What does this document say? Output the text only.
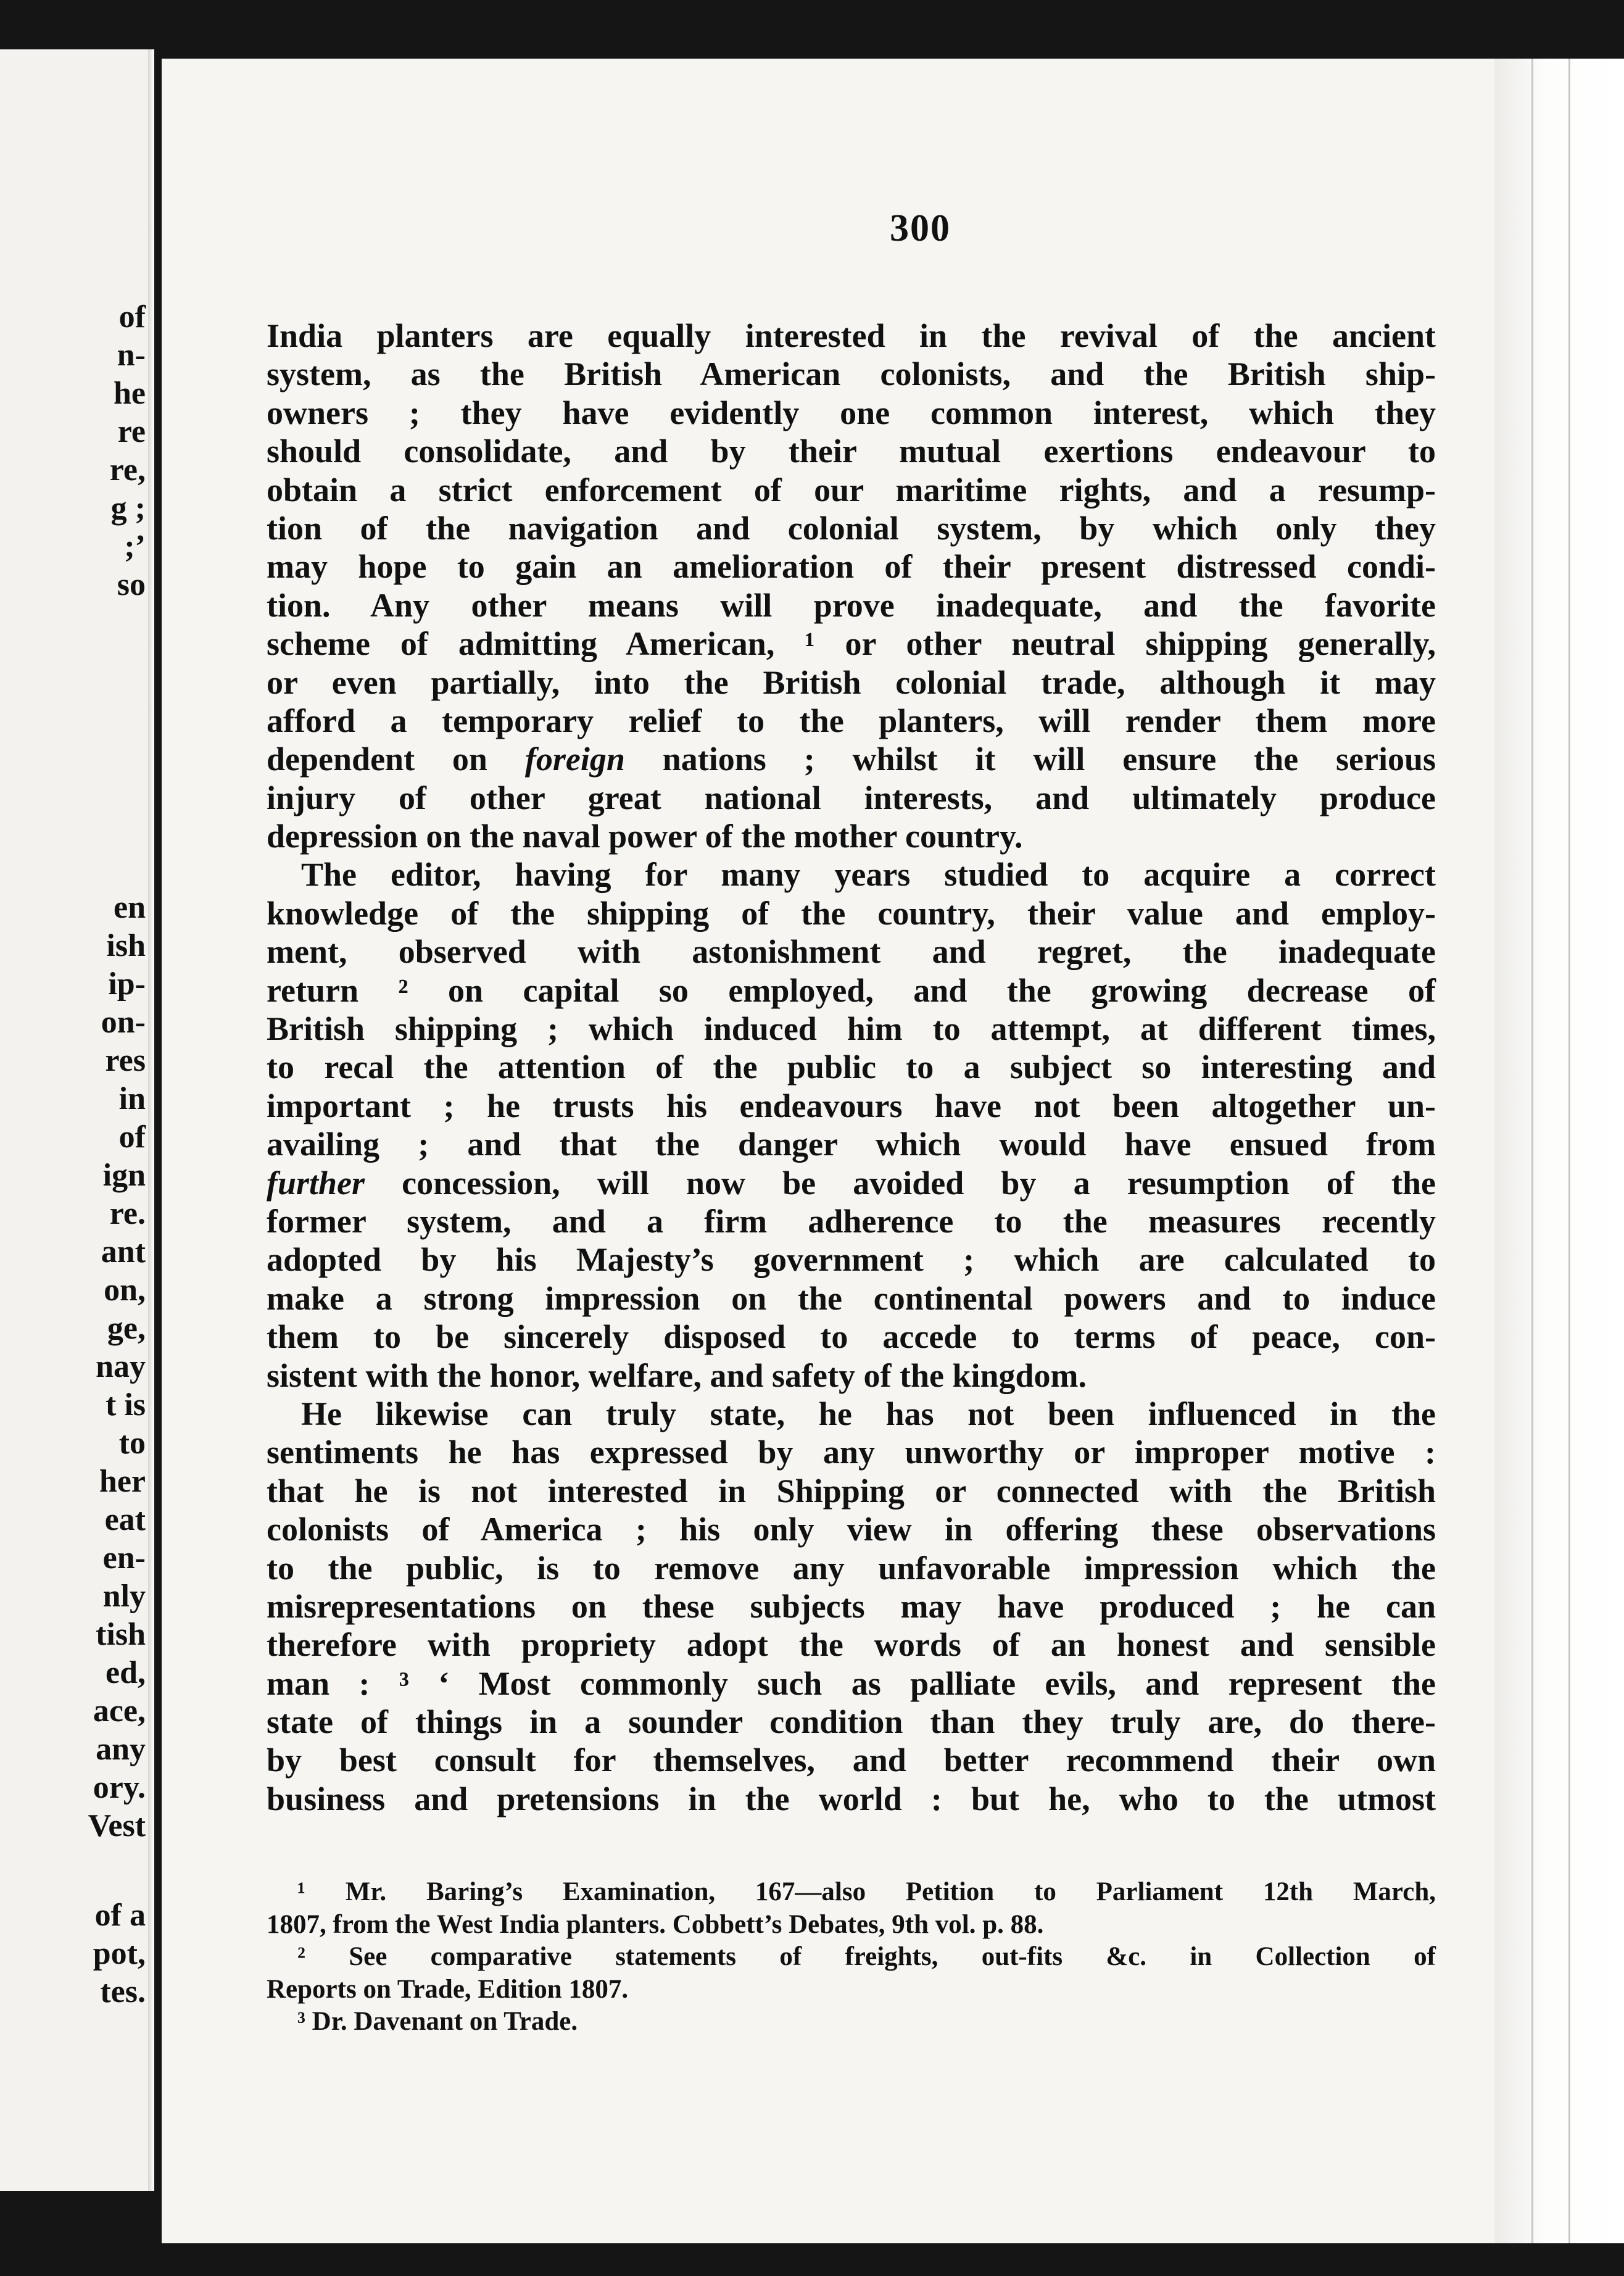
of
n-
he
re
re,
g ;
;’
so
en
ish
ip-
on-
res
in
of
ign
re.
ant
on,
ge,
nay
t is
to
her
eat
en-
nly
tish
ed,
ace,
any
ory.
Vest
of a
pot,
tes.
300
India planters are equally interested in the revival of the ancient
system, as the British American colonists, and the British ship-
owners ; they have evidently one common interest, which they
should consolidate, and by their mutual exertions endeavour to
obtain a strict enforcement of our maritime rights, and a resump-
tion of the navigation and colonial system, by which only they
may hope to gain an amelioration of their present distressed condi-
tion. Any other means will prove inadequate, and the favorite
scheme of admitting American, ¹ or other neutral shipping generally,
or even partially, into the British colonial trade, although it may
afford a temporary relief to the planters, will render them more
dependent on foreign nations ; whilst it will ensure the serious
injury of other great national interests, and ultimately produce
depression on the naval power of the mother country.
The editor, having for many years studied to acquire a correct
knowledge of the shipping of the country, their value and employ-
ment, observed with astonishment and regret, the inadequate
return ² on capital so employed, and the growing decrease of
British shipping ; which induced him to attempt, at different times,
to recal the attention of the public to a subject so interesting and
important ; he trusts his endeavours have not been altogether un-
availing ; and that the danger which would have ensued from
further concession, will now be avoided by a resumption of the
former system, and a firm adherence to the measures recently
adopted by his Majesty’s government ; which are calculated to
make a strong impression on the continental powers and to induce
them to be sincerely disposed to accede to terms of peace, con-
sistent with the honor, welfare, and safety of the kingdom.
He likewise can truly state, he has not been influenced in the
sentiments he has expressed by any unworthy or improper motive :
that he is not interested in Shipping or connected with the British
colonists of America ; his only view in offering these observations
to the public, is to remove any unfavorable impression which the
misrepresentations on these subjects may have produced ; he can
therefore with propriety adopt the words of an honest and sensible
man : ³ ‘ Most commonly such as palliate evils, and represent the
state of things in a sounder condition than they truly are, do there-
by best consult for themselves, and better recommend their own
business and pretensions in the world : but he, who to the utmost
¹ Mr. Baring’s Examination, 167—also Petition to Parliament 12th March,
1807, from the West India planters. Cobbett’s Debates, 9th vol. p. 88.
² See comparative statements of freights, out-fits &c. in Collection of
Reports on Trade, Edition 1807.
³ Dr. Davenant on Trade.
